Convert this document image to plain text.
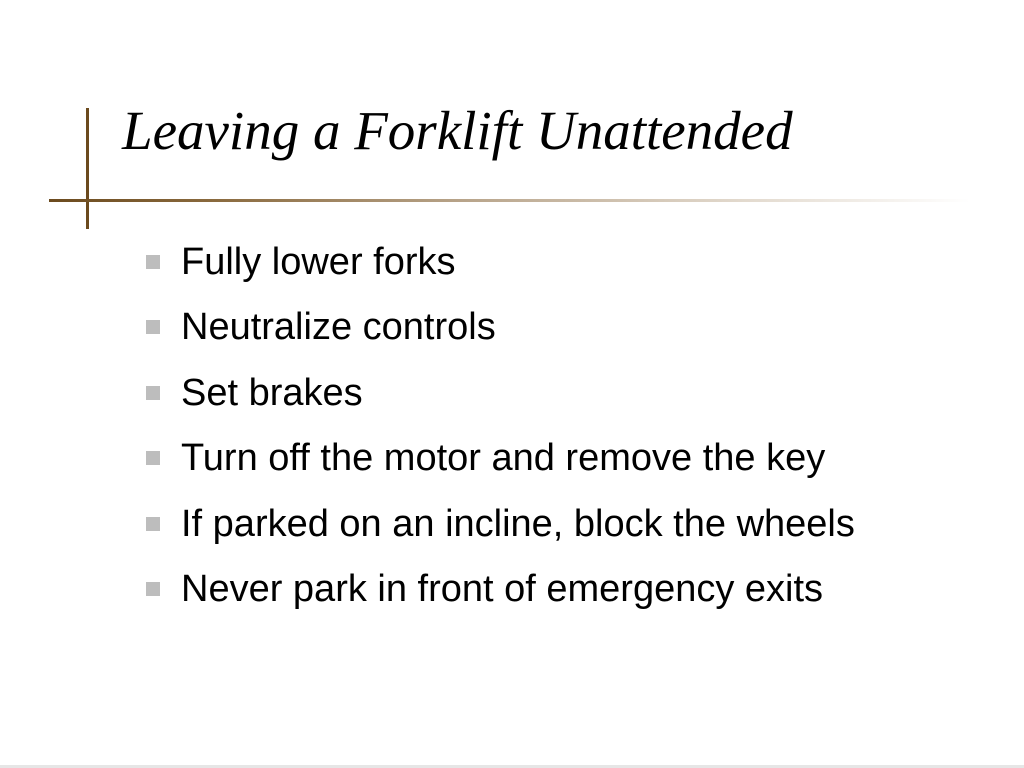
Leaving a Forklift Unattended
Fully lower forks
Neutralize controls
Set brakes
Turn off the motor and remove the key
If parked on an incline, block the wheels
Never park in front of emergency exits
